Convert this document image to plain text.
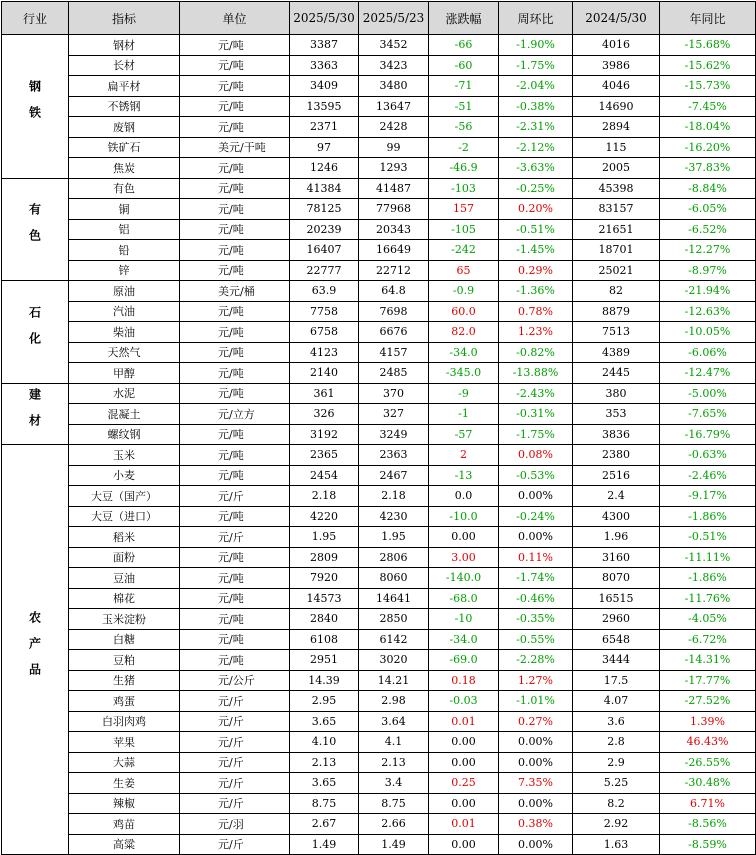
行业	指标	单位	2025/5/30	2025/5/23	涨跌幅	周环比	2024/5/30	年同比
钢铁	钢材	元/吨	3387	3452	-66	-1.90%	4016	-15.68%
	长材	元/吨	3363	3423	-60	-1.75%	3986	-15.62%
	扁平材	元/吨	3409	3480	-71	-2.04%	4046	-15.73%
	不锈钢	元/吨	13595	13647	-51	-0.38%	14690	-7.45%
	废钢	元/吨	2371	2428	-56	-2.31%	2894	-18.04%
	铁矿石	美元/干吨	97	99	-2	-2.12%	115	-16.20%
	焦炭	元/吨	1246	1293	-46.9	-3.63%	2005	-37.83%
有色	有色	元/吨	41384	41487	-103	-0.25%	45398	-8.84%
	铜	元/吨	78125	77968	157	0.20%	83157	-6.05%
	铝	元/吨	20239	20343	-105	-0.51%	21651	-6.52%
	铅	元/吨	16407	16649	-242	-1.45%	18701	-12.27%
	锌	元/吨	22777	22712	65	0.29%	25021	-8.97%
石化	原油	美元/桶	63.9	64.8	-0.9	-1.36%	82	-21.94%
	汽油	元/吨	7758	7698	60.0	0.78%	8879	-12.63%
	柴油	元/吨	6758	6676	82.0	1.23%	7513	-10.05%
	天然气	元/吨	4123	4157	-34.0	-0.82%	4389	-6.06%
	甲醇	元/吨	2140	2485	-345.0	-13.88%	2445	-12.47%
建材	水泥	元/吨	361	370	-9	-2.43%	380	-5.00%
	混凝土	元/立方	326	327	-1	-0.31%	353	-7.65%
	螺纹钢	元/吨	3192	3249	-57	-1.75%	3836	-16.79%
农产品	玉米	元/吨	2365	2363	2	0.08%	2380	-0.63%
	小麦	元/吨	2454	2467	-13	-0.53%	2516	-2.46%
	大豆（国产）	元/斤	2.18	2.18	0.0	0.00%	2.4	-9.17%
	大豆（进口）	元/吨	4220	4230	-10.0	-0.24%	4300	-1.86%
	稻米	元/斤	1.95	1.95	0.00	0.00%	1.96	-0.51%
	面粉	元/吨	2809	2806	3.00	0.11%	3160	-11.11%
	豆油	元/吨	7920	8060	-140.0	-1.74%	8070	-1.86%
	棉花	元/吨	14573	14641	-68.0	-0.46%	16515	-11.76%
	玉米淀粉	元/吨	2840	2850	-10	-0.35%	2960	-4.05%
	白糖	元/吨	6108	6142	-34.0	-0.55%	6548	-6.72%
	豆粕	元/吨	2951	3020	-69.0	-2.28%	3444	-14.31%
	生猪	元/公斤	14.39	14.21	0.18	1.27%	17.5	-17.77%
	鸡蛋	元/斤	2.95	2.98	-0.03	-1.01%	4.07	-27.52%
	白羽肉鸡	元/斤	3.65	3.64	0.01	0.27%	3.6	1.39%
	苹果	元/斤	4.10	4.1	0.00	0.00%	2.8	46.43%
	大蒜	元/斤	2.13	2.13	0.00	0.00%	2.9	-26.55%
	生姜	元/斤	3.65	3.4	0.25	7.35%	5.25	-30.48%
	辣椒	元/斤	8.75	8.75	0.00	0.00%	8.2	6.71%
	鸡苗	元/羽	2.67	2.66	0.01	0.38%	2.92	-8.56%
	高粱	元/斤	1.49	1.49	0.00	0.00%	1.63	-8.59%
